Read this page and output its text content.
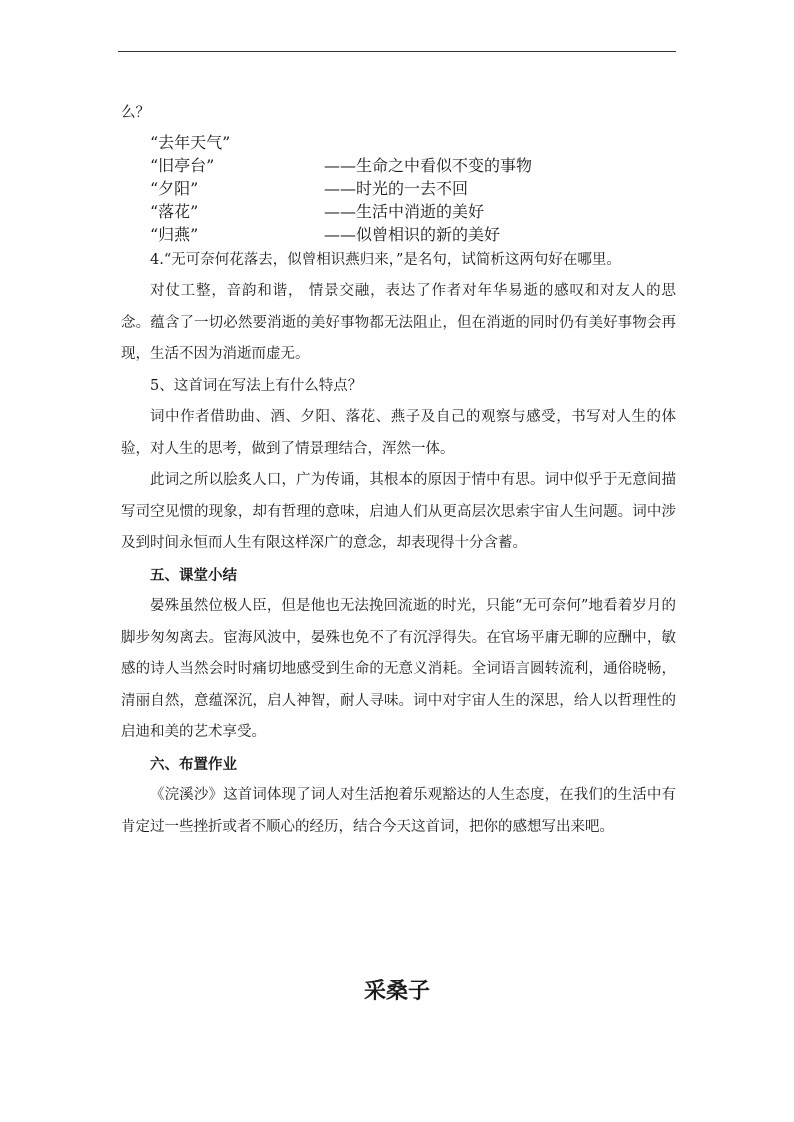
么？

“去年天气”
“旧亭台”	——生命之中看似不变的事物
“夕阳”	——时光的一去不回
“落花”	——生活中消逝的美好
“归燕”	——似曾相识的新的美好

4.“无可奈何花落去，似曾相识燕归来，”是名句，试简析这两句好在哪里。

对仗工整，音韵和谐， 情景交融，表达了作者对年华易逝的感叹和对友人的思念。蕴含了一切必然要消逝的美好事物都无法阻止，但在消逝的同时仍有美好事物会再现，生活不因为消逝而虚无。

5、这首词在写法上有什么特点？

词中作者借助曲、酒、夕阳、落花、燕子及自己的观察与感受，书写对人生的体验，对人生的思考，做到了情景理结合，浑然一体。

此词之所以脍炙人口，广为传诵，其根本的原因于情中有思。词中似乎于无意间描写司空见惯的现象，却有哲理的意味，启迪人们从更高层次思索宇宙人生问题。词中涉及到时间永恒而人生有限这样深广的意念，却表现得十分含蓄。

五、课堂小结

晏殊虽然位极人臣，但是他也无法挽回流逝的时光，只能“无可奈何”地看着岁月的脚步匆匆离去。宦海风波中，晏殊也免不了有沉浮得失。在官场平庸无聊的应酬中，敏感的诗人当然会时时痛切地感受到生命的无意义消耗。全词语言圆转流利，通俗晓畅，清丽自然，意蕴深沉，启人神智，耐人寻味。词中对宇宙人生的深思，给人以哲理性的启迪和美的艺术享受。

六、布置作业

《浣溪沙》这首词体现了词人对生活抱着乐观豁达的人生态度，在我们的生活中有肯定过一些挫折或者不顺心的经历，结合今天这首词，把你的感想写出来吧。

采桑子
